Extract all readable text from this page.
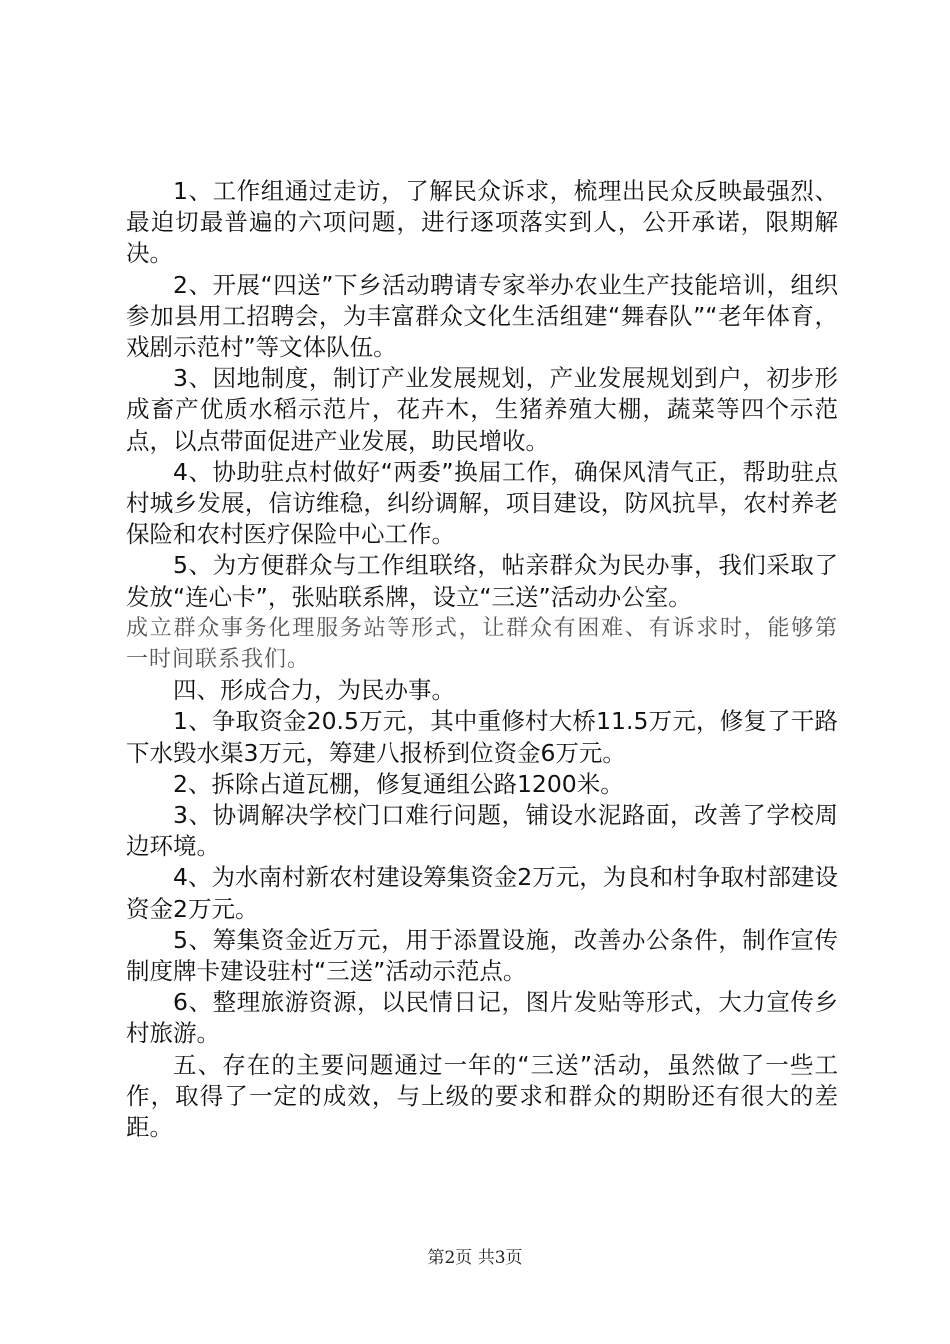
1、工作组通过走访，了解民众诉求，梳理出民众反映最强烈、最迫切最普遍的六项问题，进行逐项落实到人，公开承诺，限期解决。

2、开展“四送”下乡活动聘请专家举办农业生产技能培训，组织参加县用工招聘会，为丰富群众文化生活组建“舞春队”“老年体育，戏剧示范村”等文体队伍。

3、因地制度，制订产业发展规划，产业发展规划到户，初步形成畜产优质水稻示范片，花卉木，生猪养殖大棚，蔬菜等四个示范点，以点带面促进产业发展，助民增收。

4、协助驻点村做好“两委”换届工作，确保风清气正，帮助驻点村城乡发展，信访维稳，纠纷调解，项目建设，防风抗旱，农村养老保险和农村医疗保险中心工作。

5、为方便群众与工作组联络，帖亲群众为民办事，我们采取了发放“连心卡”，张贴联系牌，设立“三送”活动办公室。

成立群众事务化理服务站等形式，让群众有困难、有诉求时，能够第一时间联系我们。

四、形成合力，为民办事。

1、争取资金20.5万元，其中重修村大桥11.5万元，修复了干路下水毁水渠3万元，筹建八报桥到位资金6万元。

2、拆除占道瓦棚，修复通组公路1200米。

3、协调解决学校门口难行问题，铺设水泥路面，改善了学校周边环境。

4、为水南村新农村建设筹集资金2万元，为良和村争取村部建设资金2万元。

5、筹集资金近万元，用于添置设施，改善办公条件，制作宣传制度牌卡建设驻村“三送”活动示范点。

6、整理旅游资源，以民情日记，图片发贴等形式，大力宣传乡村旅游。

五、存在的主要问题通过一年的“三送”活动，虽然做了一些工作，取得了一定的成效，与上级的要求和群众的期盼还有很大的差距。

第2页 共3页
